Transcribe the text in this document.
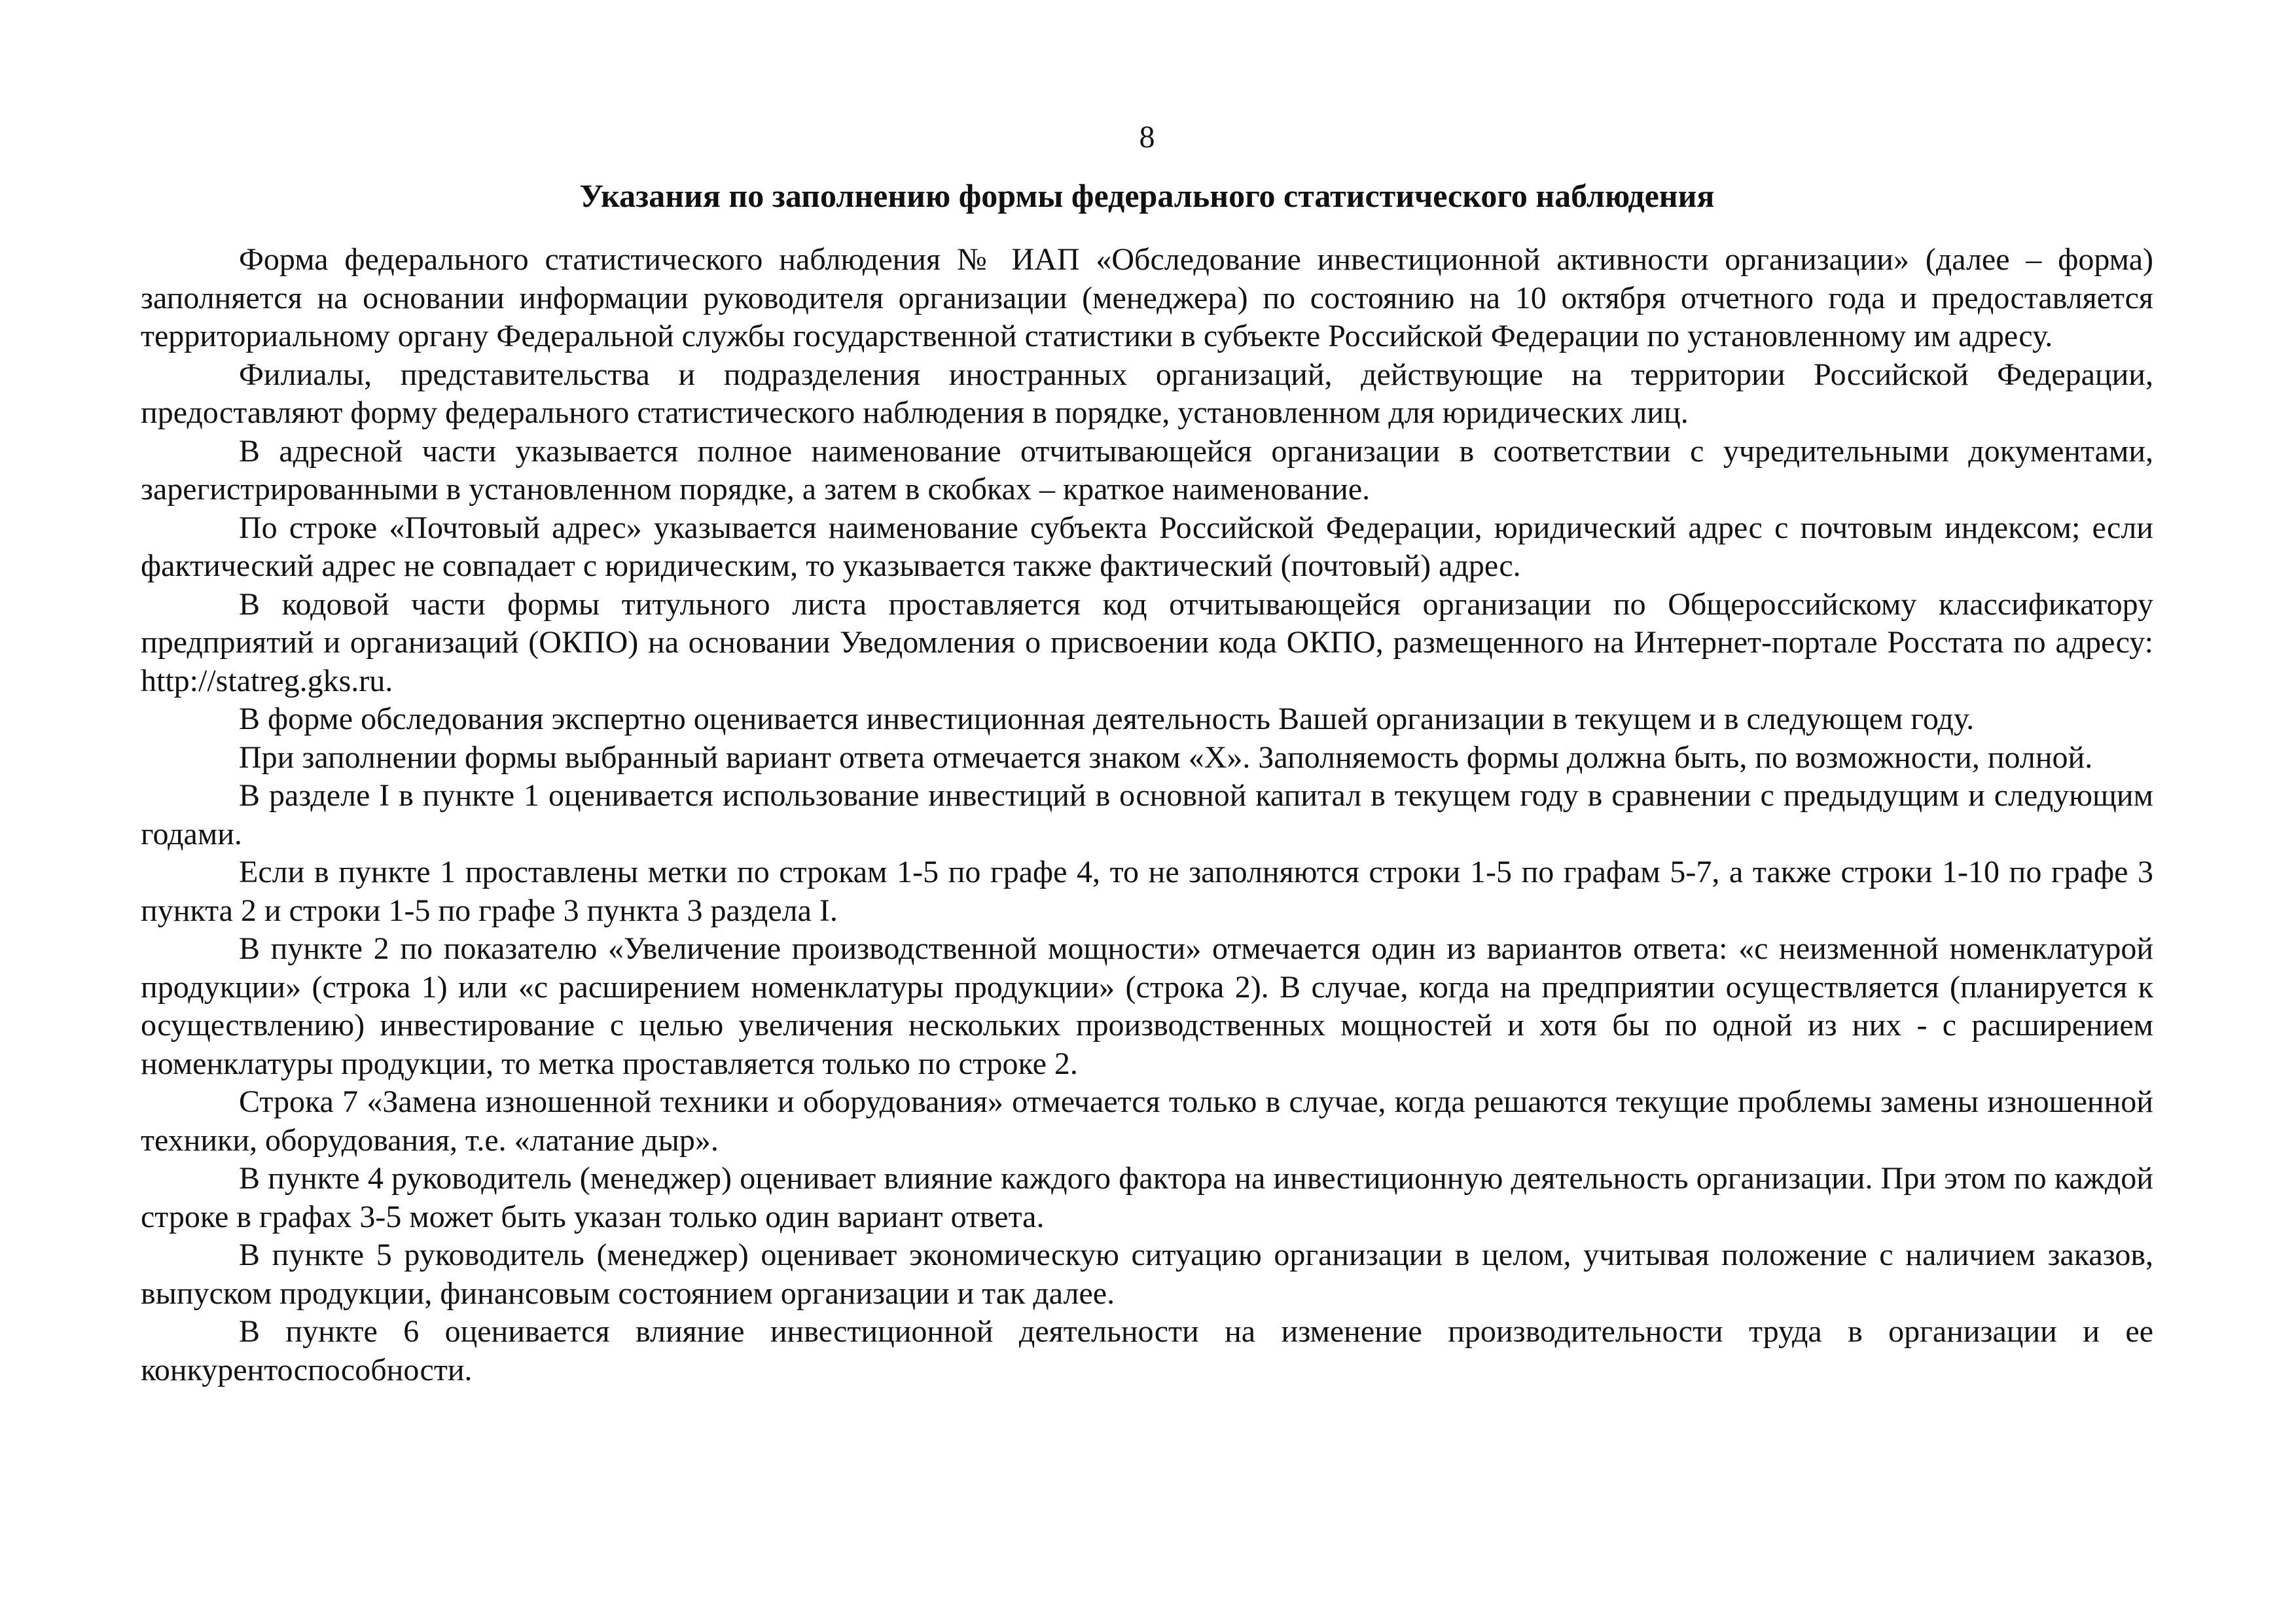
8
Указания по заполнению формы федерального статистического наблюдения

Форма федерального статистического наблюдения № ИАП «Обследование инвестиционной активности организации» (далее – форма) заполняется на основании информации руководителя организации (менеджера) по состоянию на 10 октября отчетного года и предоставляется территориальному органу Федеральной службы государственной статистики в субъекте Российской Федерации по установленному им адресу.

Филиалы, представительства и подразделения иностранных организаций, действующие на территории Российской Федерации, предоставляют форму федерального статистического наблюдения в порядке, установленном для юридических лиц.

В адресной части указывается полное наименование отчитывающейся организации в соответствии с учредительными документами, зарегистрированными в установленном порядке, а затем в скобках – краткое наименование.

По строке «Почтовый адрес» указывается наименование субъекта Российской Федерации, юридический адрес с почтовым индексом; если фактический адрес не совпадает с юридическим, то указывается также фактический (почтовый) адрес.

В кодовой части формы титульного листа проставляется код отчитывающейся организации по Общероссийскому классификатору предприятий и организаций (ОКПО) на основании Уведомления о присвоении кода ОКПО, размещенного на Интернет-портале Росстата по адресу: http://statreg.gks.ru.

В форме обследования экспертно оценивается инвестиционная деятельность Вашей организации в текущем и в следующем году.

При заполнении формы выбранный вариант ответа отмечается знаком «Х». Заполняемость формы должна быть, по возможности, полной.

В разделе I в пункте 1 оценивается использование инвестиций в основной капитал в текущем году в сравнении с предыдущим и следующим годами.

Если в пункте 1 проставлены метки по строкам 1-5 по графе 4, то не заполняются строки 1-5 по графам 5-7, а также строки 1-10 по графе 3 пункта 2 и строки 1-5 по графе 3 пункта 3 раздела I.

В пункте 2 по показателю «Увеличение производственной мощности» отмечается один из вариантов ответа: «с неизменной номенклатурой продукции» (строка 1) или «с расширением номенклатуры продукции» (строка 2). В случае, когда на предприятии осуществляется (планируется к осуществлению) инвестирование с целью увеличения нескольких производственных мощностей и хотя бы по одной из них - с расширением номенклатуры продукции, то метка проставляется только по строке 2.

Строка 7 «Замена изношенной техники и оборудования» отмечается только в случае, когда решаются текущие проблемы замены изношенной техники, оборудования, т.е. «латание дыр».

В пункте 4 руководитель (менеджер) оценивает влияние каждого фактора на инвестиционную деятельность организации. При этом по каждой строке в графах 3-5 может быть указан только один вариант ответа.

В пункте 5 руководитель (менеджер) оценивает экономическую ситуацию организации в целом, учитывая положение с наличием заказов, выпуском продукции, финансовым состоянием организации и так далее.

В пункте 6 оценивается влияние инвестиционной деятельности на изменение производительности труда в организации и ее конкурентоспособности.
